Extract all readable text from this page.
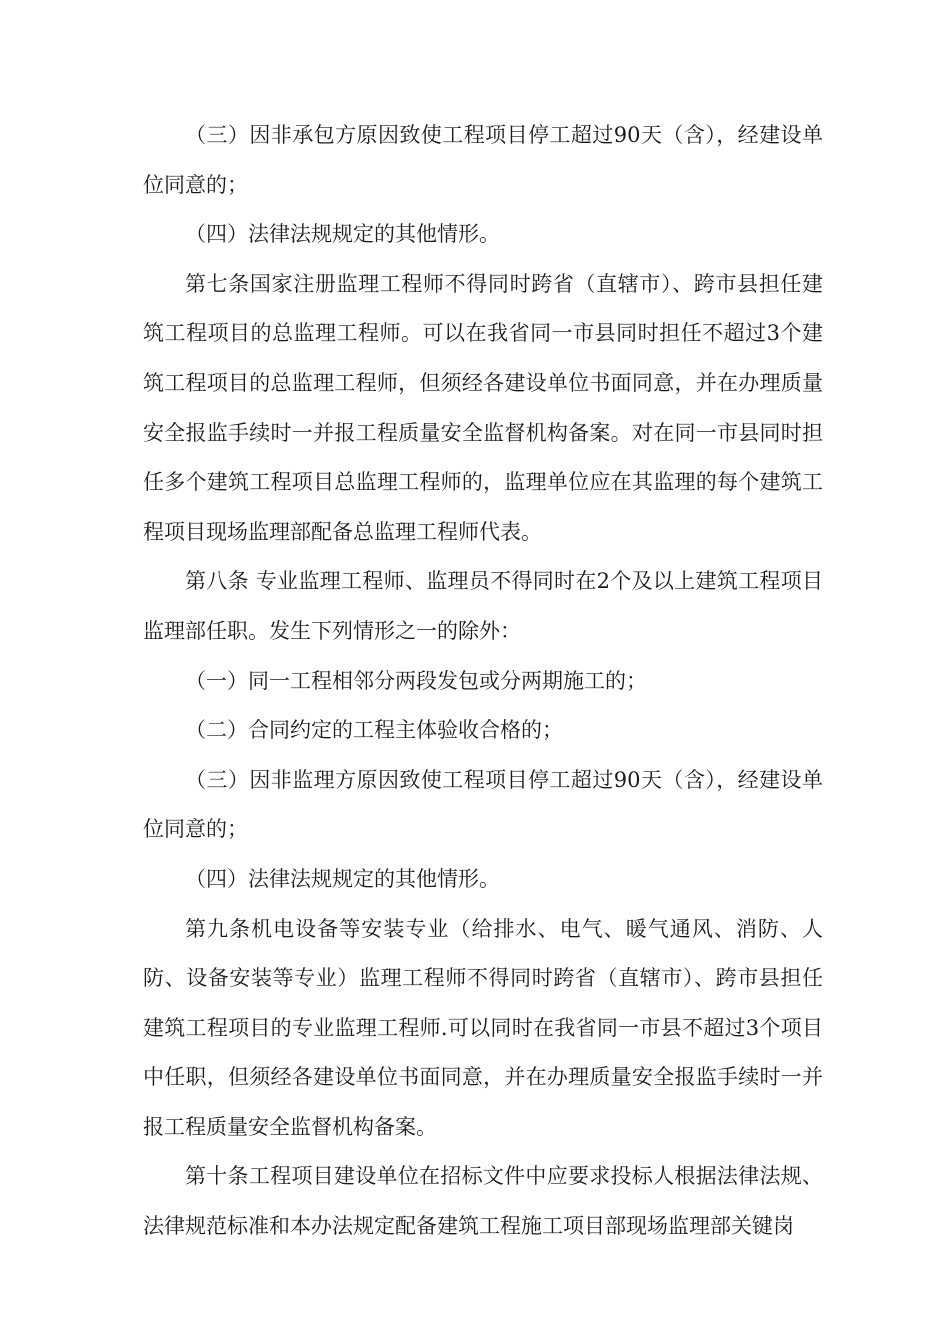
（三）因非承包方原因致使工程项目停工超过90天（含），经建设单位同意的；

（四）法律法规规定的其他情形。

第七条国家注册监理工程师不得同时跨省（直辖市）、跨市县担任建筑工程项目的总监理工程师。可以在我省同一市县同时担任不超过3个建筑工程项目的总监理工程师，但须经各建设单位书面同意，并在办理质量安全报监手续时一并报工程质量安全监督机构备案。对在同一市县同时担任多个建筑工程项目总监理工程师的，监理单位应在其监理的每个建筑工程项目现场监理部配备总监理工程师代表。

第八条 专业监理工程师、监理员不得同时在2个及以上建筑工程项目监理部任职。发生下列情形之一的除外：

（一）同一工程相邻分两段发包或分两期施工的；

（二）合同约定的工程主体验收合格的；

（三）因非监理方原因致使工程项目停工超过90天（含），经建设单位同意的；

（四）法律法规规定的其他情形。

第九条机电设备等安装专业（给排水、电气、暖气通风、消防、人防、设备安装等专业）监理工程师不得同时跨省（直辖市）、跨市县担任建筑工程项目的专业监理工程师.可以同时在我省同一市县不超过3个项目中任职，但须经各建设单位书面同意，并在办理质量安全报监手续时一并报工程质量安全监督机构备案。

第十条工程项目建设单位在招标文件中应要求投标人根据法律法规、法律规范标准和本办法规定配备建筑工程施工项目部现场监理部关键岗
